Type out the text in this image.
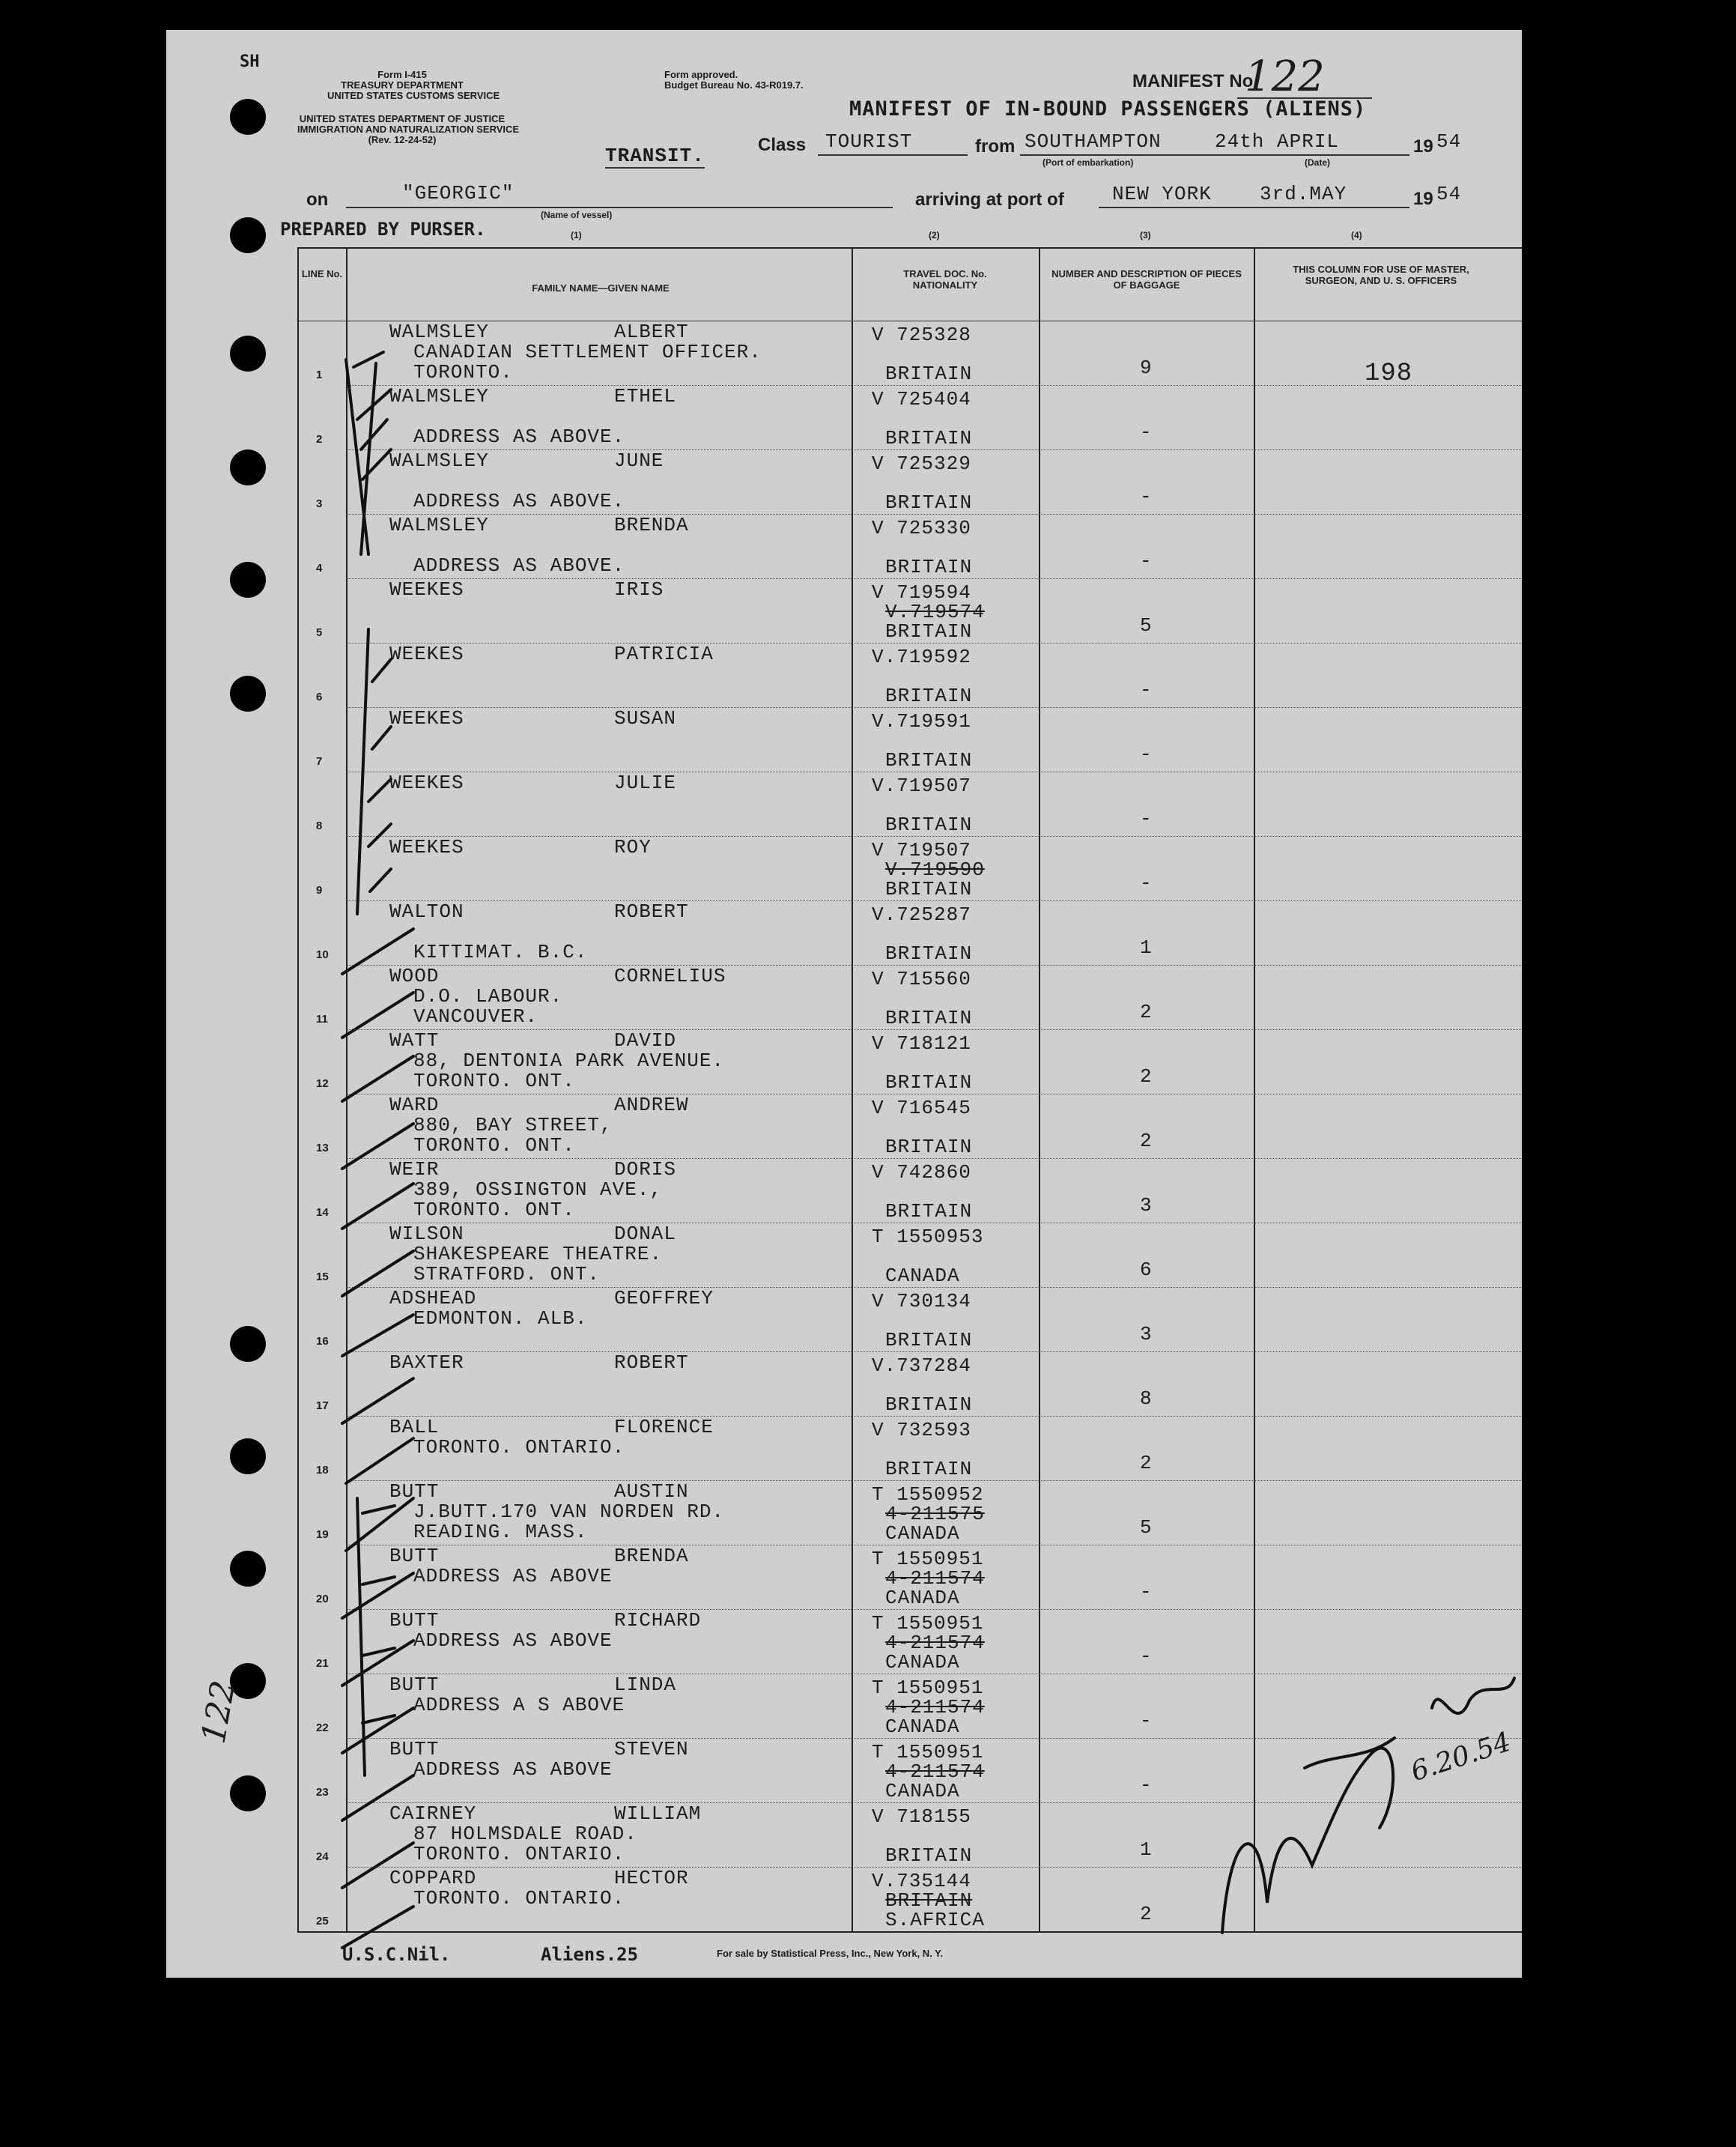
SH
Form I-415
TREASURY DEPARTMENT
UNITED STATES CUSTOMS SERVICE
UNITED STATES DEPARTMENT OF JUSTICE
IMMIGRATION AND NATURALIZATION SERVICE
(Rev. 12-24-52)
Form approved.
Budget Bureau No. 43-R019.7.	MANIFEST No.
122
MANIFEST OF IN-BOUND PASSENGERS (ALIENS)
TRANSIT.	Class TOURIST	from SOUTHAMPTON	24th APRIL	19 54
(Port of embarkation)	(Date)
on	"GEORGIC"
(Name of vessel)
arriving at port of NEW YORK 3rd.MAY	19 54
PREPARED BY PURSER.	(1)	(2)	(3)	(4)
LINE No.
FAMILY NAME—GIVEN NAME
TRAVEL DOC. No. NATIONALITY
NUMBER AND DESCRIPTION OF PIECES OF BAGGAGE
THIS COLUMN FOR USE OF MASTER, SURGEON, AND U. S. OFFICERS
1
WALMSLEY	ALBERT
CANADIAN SETTLEMENT OFFICER.
TORONTO.
V 725328
BRITAIN	9	198
2
WALMSLEY	ETHEL
ADDRESS AS ABOVE.
V 725404
BRITAIN	-
3
WALMSLEY	JUNE
ADDRESS AS ABOVE.
V 725329
BRITAIN	-
4
WALMSLEY	BRENDA
ADDRESS AS ABOVE.
V 725330
BRITAIN	-
5
WEEKES	IRIS	V 719594
V.719574
BRITAIN	5
6
WEEKES	PATRICIA	V.719592
BRITAIN	-
7
WEEKES	SUSAN	V.719591
BRITAIN	-
8
WEEKES	JULIE	V.719507
BRITAIN	-
9
WEEKES	ROY	V 719507
V.719590
BRITAIN	-
10
WALTON	ROBERT
KITTIMAT. B.C.
V.725287
BRITAIN	1
11
WOOD	CORNELIUS
D.O. LABOUR.
VANCOUVER.
V 715560
BRITAIN	2
12
WATT	DAVID
88, DENTONIA PARK AVENUE.
TORONTO. ONT.
V 718121
BRITAIN	2
13
WARD	ANDREW
880, BAY STREET,
TORONTO. ONT.
V 716545
BRITAIN	2
14
WEIR	DORIS
389, OSSINGTON AVE.,
TORONTO. ONT.
V 742860
BRITAIN	3
15
WILSON	DONAL
SHAKESPEARE THEATRE.
STRATFORD. ONT.
T 1550953
CANADA	6
16
ADSHEAD	GEOFFREY
EDMONTON. ALB.
V 730134
BRITAIN	3
17
BAXTER	ROBERT	V.737284
BRITAIN	8
18
BALL	FLORENCE
TORONTO. ONTARIO.
V 732593
BRITAIN	2
19
BUTT	AUSTIN
J.BUTT.170 VAN NORDEN RD.
READING. MASS.
T 1550952
4-211575
CANADA	5
20
BUTT	BRENDA
ADDRESS AS ABOVE
T 1550951
4-211574
CANADA	-
21
BUTT	RICHARD
ADDRESS AS ABOVE
T 1550951
4-211574
CANADA	-
22
BUTT	LINDA
ADDRESS A S ABOVE
T 1550951
4-211574
CANADA	-
23
BUTT	STEVEN
ADDRESS AS ABOVE
T 1550951
4-211574
CANADA	-
24
CAIRNEY	WILLIAM
87 HOLMSDALE ROAD.
TORONTO. ONTARIO.
V 718155
BRITAIN	1
25
COPPARD	HECTOR
TORONTO. ONTARIO.
V.735144
BRITAIN
S.AFRICA	2
U.S.C.Nil.	Aliens.25	For sale by Statistical Press, Inc., New York, N. Y.
122
6.20.54
